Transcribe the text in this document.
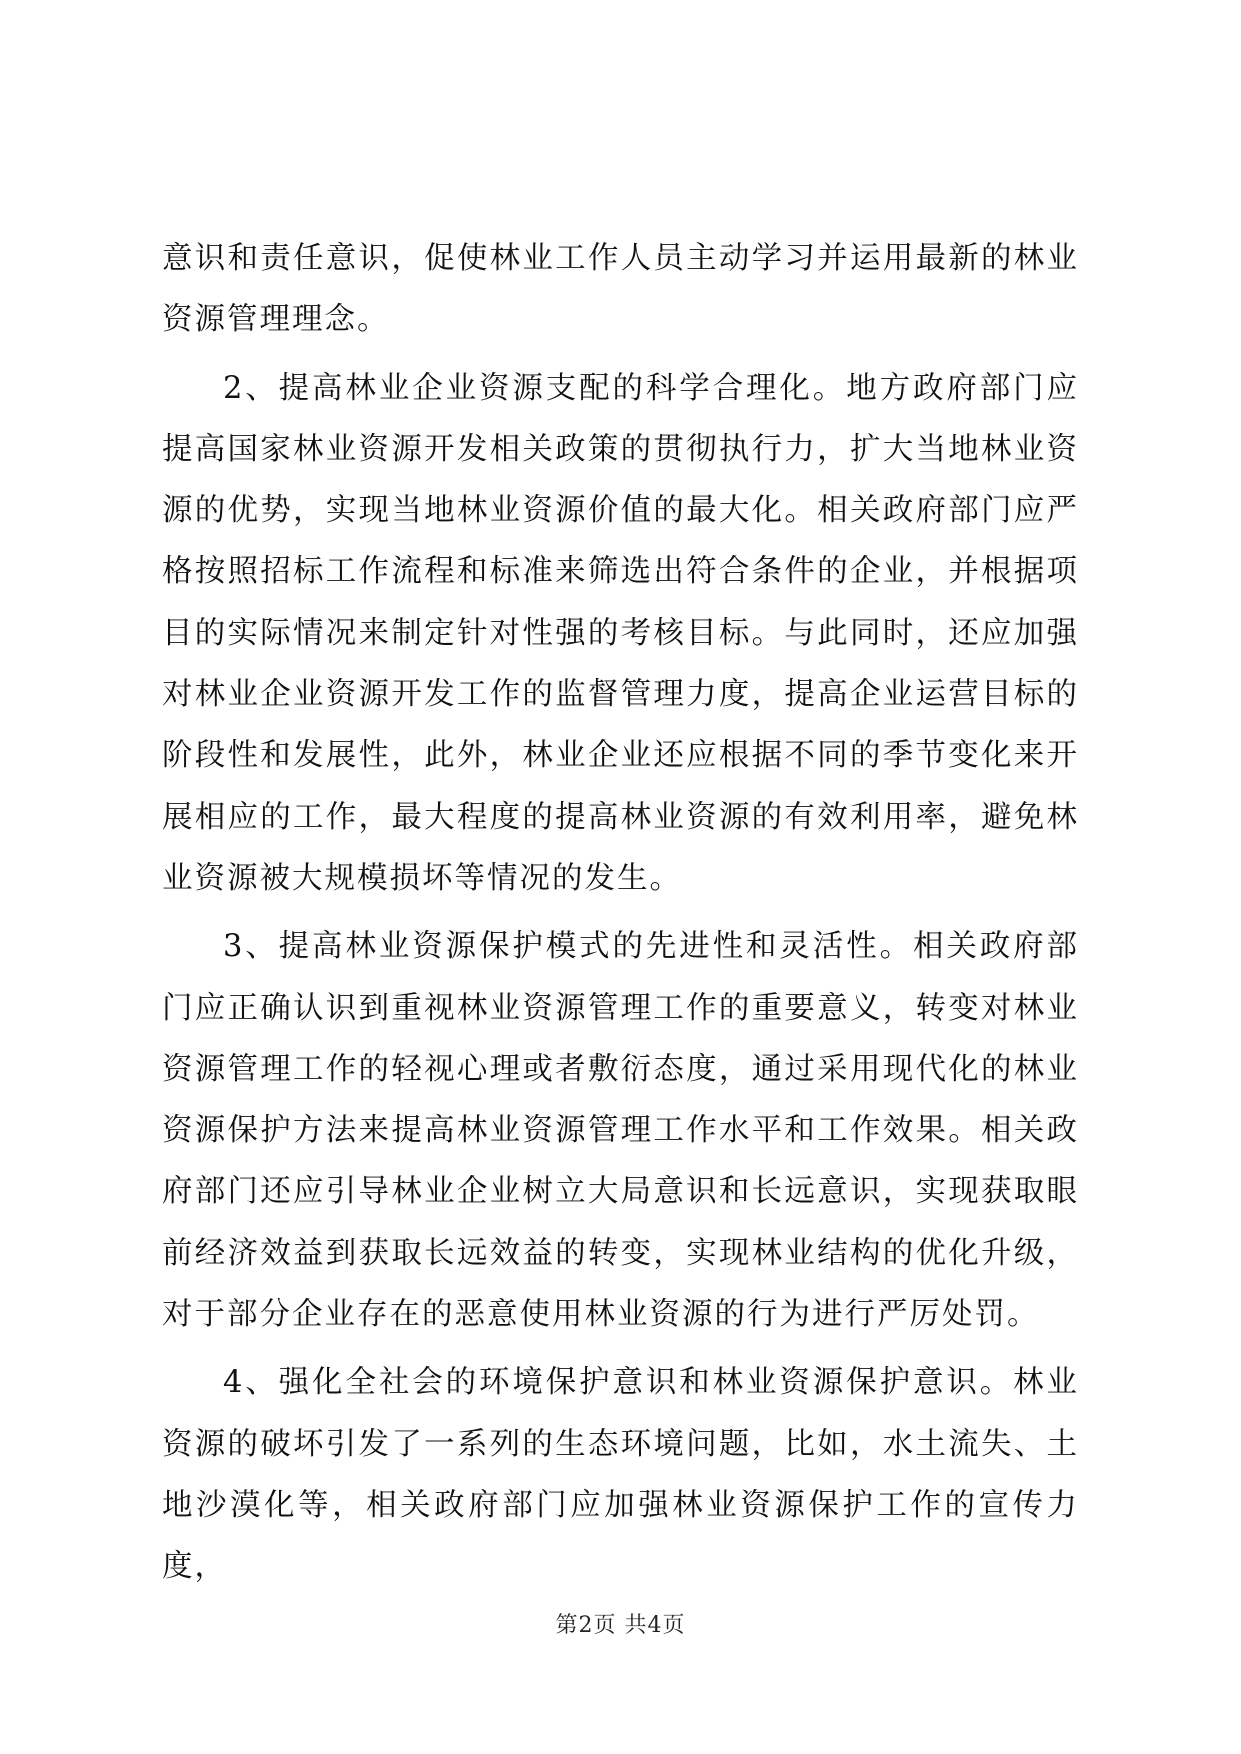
意识和责任意识，促使林业工作人员主动学习并运用最新的林业资源管理理念。

2、提高林业企业资源支配的科学合理化。地方政府部门应提高国家林业资源开发相关政策的贯彻执行力，扩大当地林业资源的优势，实现当地林业资源价值的最大化。相关政府部门应严格按照招标工作流程和标准来筛选出符合条件的企业，并根据项目的实际情况来制定针对性强的考核目标。与此同时，还应加强对林业企业资源开发工作的监督管理力度，提高企业运营目标的阶段性和发展性，此外，林业企业还应根据不同的季节变化来开展相应的工作，最大程度的提高林业资源的有效利用率，避免林业资源被大规模损坏等情况的发生。

3、提高林业资源保护模式的先进性和灵活性。相关政府部门应正确认识到重视林业资源管理工作的重要意义，转变对林业资源管理工作的轻视心理或者敷衍态度，通过采用现代化的林业资源保护方法来提高林业资源管理工作水平和工作效果。相关政府部门还应引导林业企业树立大局意识和长远意识，实现获取眼前经济效益到获取长远效益的转变，实现林业结构的优化升级，对于部分企业存在的恶意使用林业资源的行为进行严厉处罚。

4、强化全社会的环境保护意识和林业资源保护意识。林业资源的破坏引发了一系列的生态环境问题，比如，水土流失、土地沙漠化等，相关政府部门应加强林业资源保护工作的宣传力度，

第2页 共4页
